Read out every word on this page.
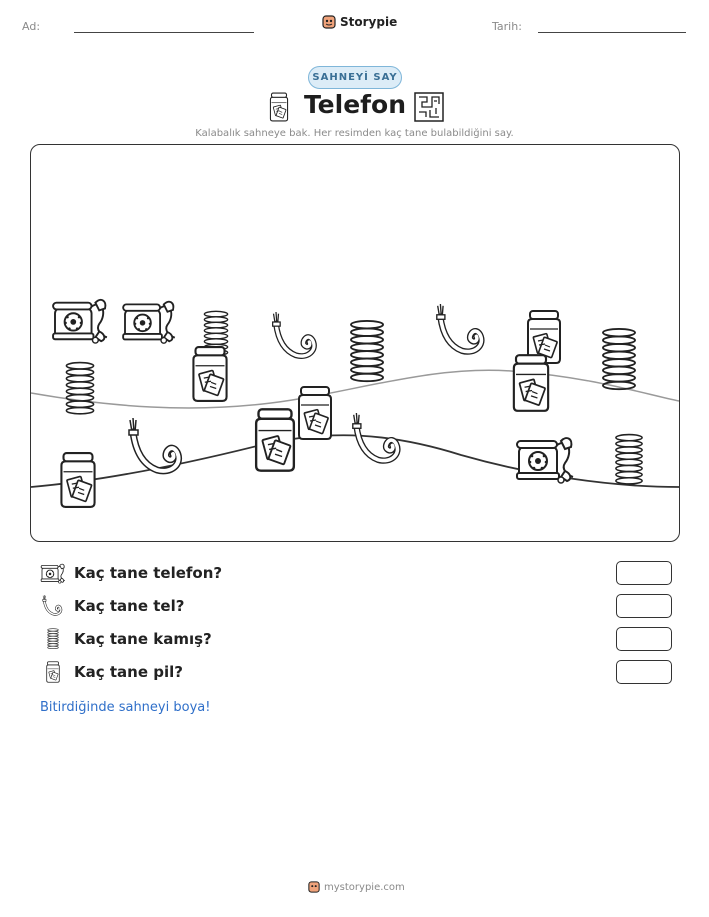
Ad:	Storypie	Tarih:
SAHNEYİ SAY
Telefon
Kalabalık sahneye bak. Her resimden kaç tane bulabildiğini say.
Kaç tane telefon?
Kaç tane tel?
Kaç tane kamış?
Kaç tane pil?
Bitirdiğinde sahneyi boya!
mystorypie.com
